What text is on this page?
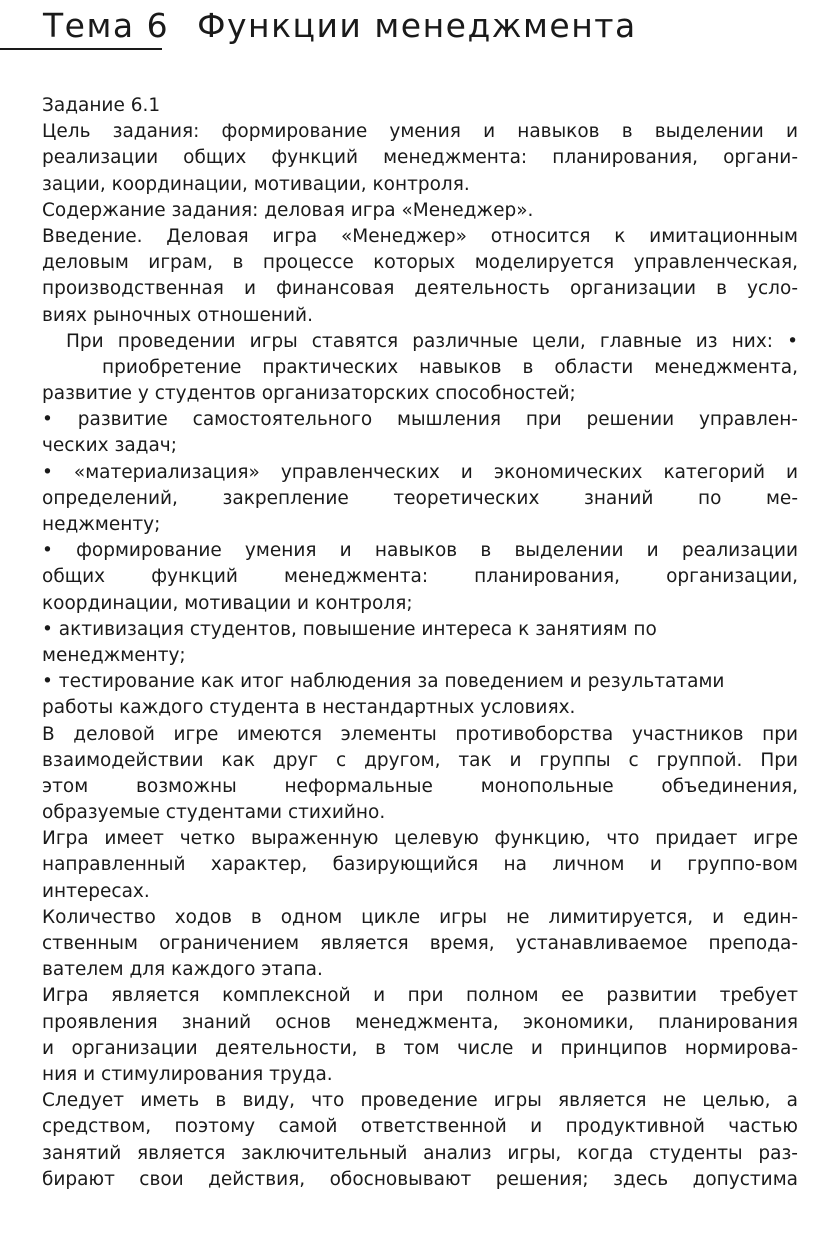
Тема 6 Функции менеджмента
Задание 6.1
Цель задания: формирование умения и навыков в выделении и
реализации общих функций менеджмента: планирования, органи-
зации, координации, мотивации, контроля.
Содержание задания: деловая игра «Менеджер».
Введение. Деловая игра «Менеджер» относится к имитационным
деловым играм, в процессе которых моделируется управленческая,
производственная и финансовая деятельность организации в усло-
виях рыночных отношений.
При проведении игры ставятся различные цели, главные из них: •
приобретение практических навыков в области менеджмента,
развитие у студентов организаторских способностей;
• развитие самостоятельного мышления при решении управлен-
ческих задач;
• «материализация» управленческих и экономических категорий и
определений, закрепление теоретических знаний по ме-
неджменту;
• формирование умения и навыков в выделении и реализации
общих функций менеджмента: планирования, организации,
координации, мотивации и контроля;
• активизация студентов, повышение интереса к занятиям по
менеджменту;
• тестирование как итог наблюдения за поведением и результатами
работы каждого студента в нестандартных условиях.
В деловой игре имеются элементы противоборства участников при
взаимодействии как друг с другом, так и группы с группой. При
этом возможны неформальные монопольные объединения,
образуемые студентами стихийно.
Игра имеет четко выраженную целевую функцию, что придает игре
направленный характер, базирующийся на личном и группо-вом
интересах.
Количество ходов в одном цикле игры не лимитируется, и един-
ственным ограничением является время, устанавливаемое препода-
вателем для каждого этапа.
Игра является комплексной и при полном ее развитии требует
проявления знаний основ менеджмента, экономики, планирования
и организации деятельности, в том числе и принципов нормирова-
ния и стимулирования труда.
Следует иметь в виду, что проведение игры является не целью, а
средством, поэтому самой ответственной и продуктивной частью
занятий является заключительный анализ игры, когда студенты раз-
бирают свои действия, обосновывают решения; здесь допустима
